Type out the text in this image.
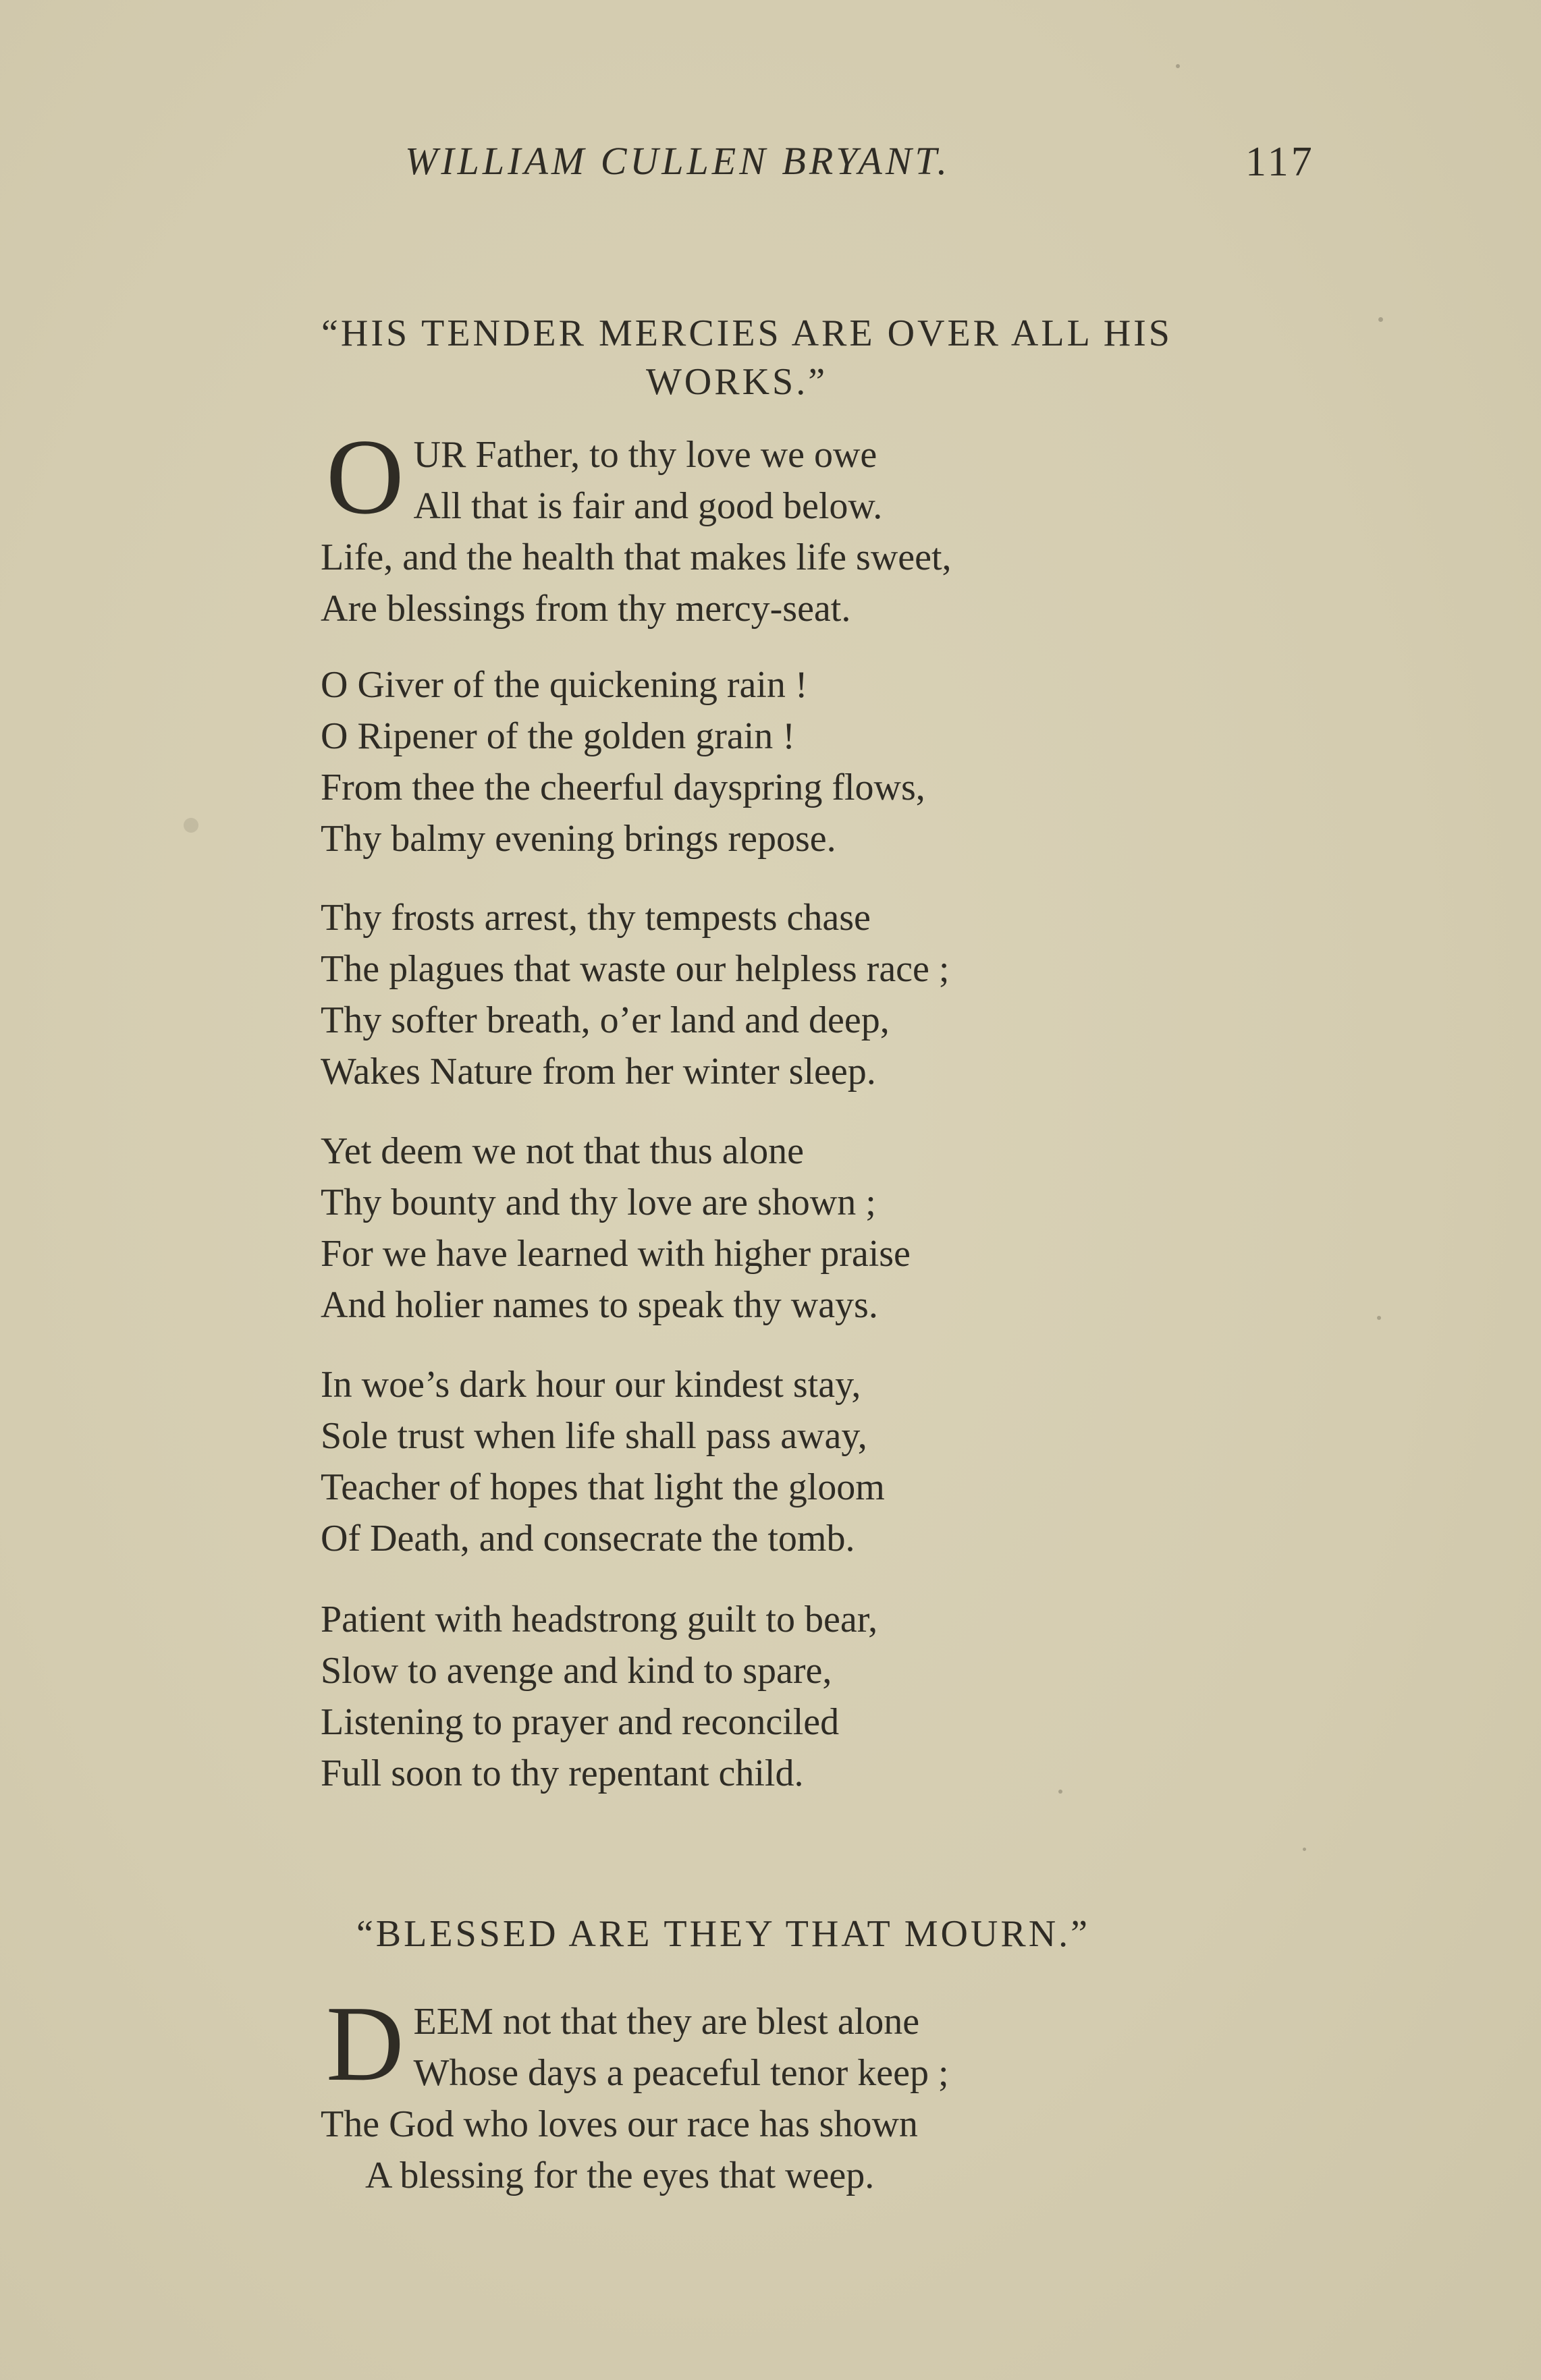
WILLIAM CULLEN BRYANT.	117
“HIS TENDER MERCIES ARE OVER ALL HIS
WORKS.”
O UR Father, to thy love we owe
All that is fair and good below.
Life, and the health that makes life sweet,
Are blessings from thy mercy-seat.
O Giver of the quickening rain !
O Ripener of the golden grain !
From thee the cheerful dayspring flows,
Thy balmy evening brings repose.
Thy frosts arrest, thy tempests chase
The plagues that waste our helpless race ;
Thy softer breath, o’er land and deep,
Wakes Nature from her winter sleep.
Yet deem we not that thus alone
Thy bounty and thy love are shown ;
For we have learned with higher praise
And holier names to speak thy ways.
In woe’s dark hour our kindest stay,
Sole trust when life shall pass away,
Teacher of hopes that light the gloom
Of Death, and consecrate the tomb.
Patient with headstrong guilt to bear,
Slow to avenge and kind to spare,
Listening to prayer and reconciled
Full soon to thy repentant child.
“BLESSED ARE THEY THAT MOURN.”
D EEM not that they are blest alone
Whose days a peaceful tenor keep ;
The God who loves our race has shown
A blessing for the eyes that weep.
